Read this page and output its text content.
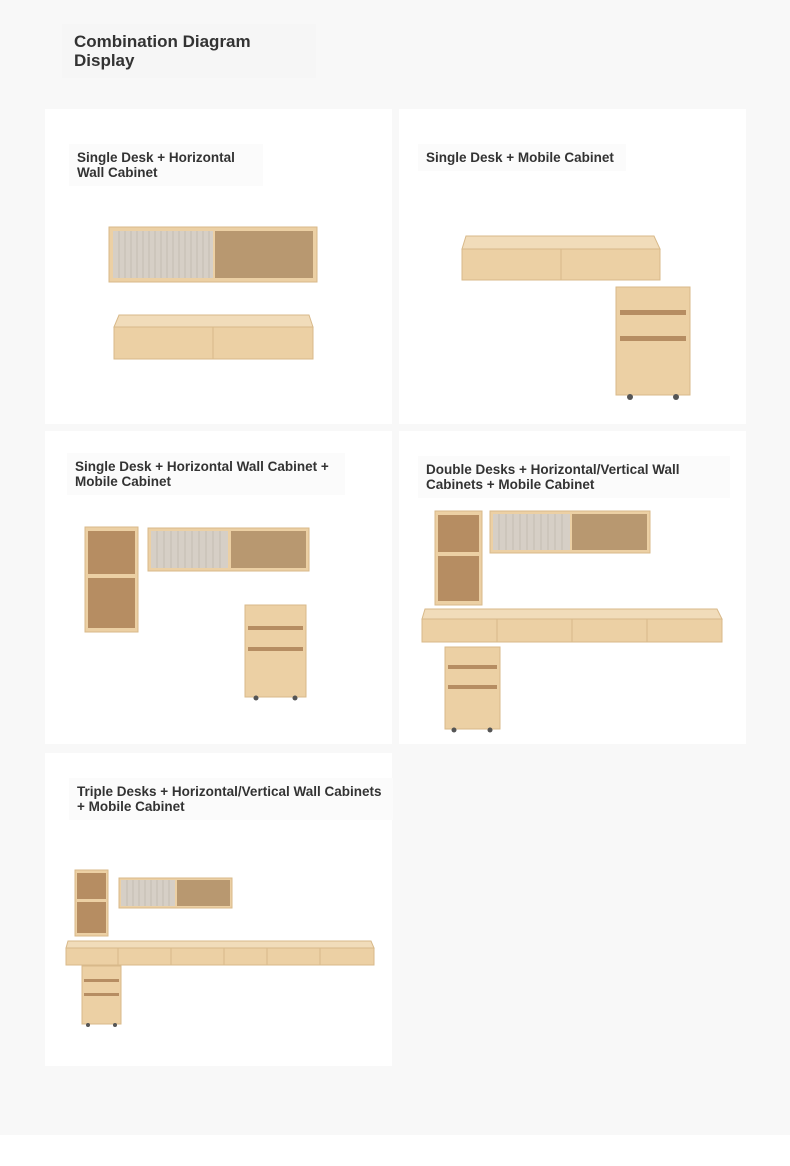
Combination Diagram Display
Single Desk + Horizontal Wall Cabinet
Single Desk + Mobile Cabinet
Single Desk + Horizontal Wall Cabinet + Mobile Cabinet
Double Desks + Horizontal/Vertical Wall Cabinets + Mobile Cabinet
Triple Desks + Horizontal/Vertical Wall Cabinets + Mobile Cabinet
